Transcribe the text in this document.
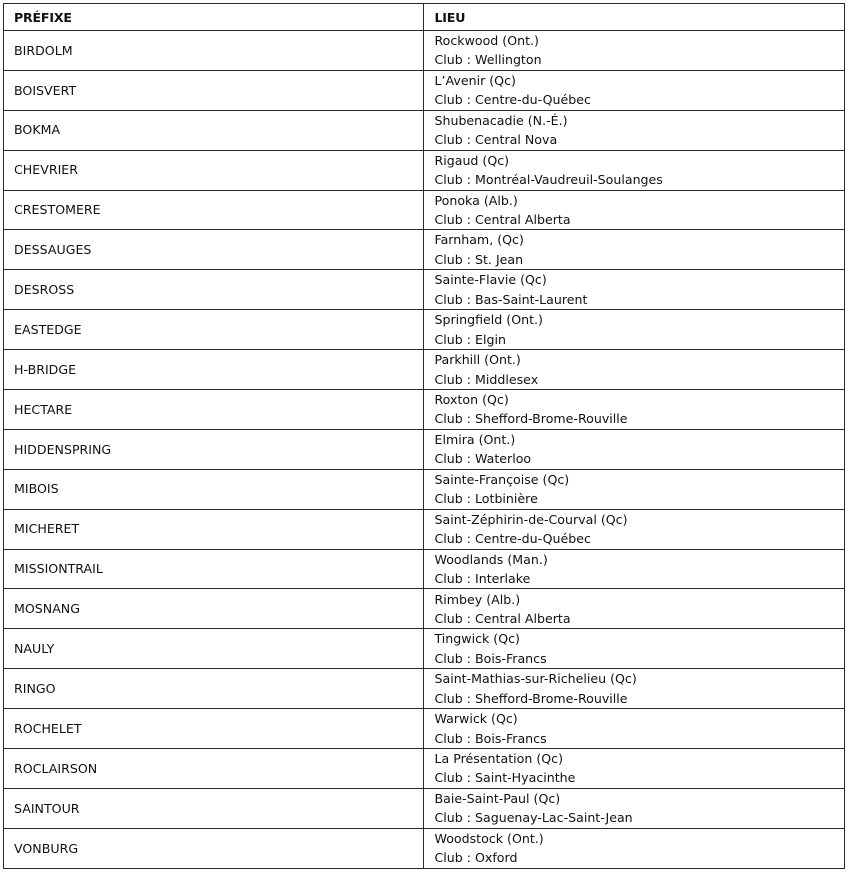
PRÉFIXE	LIEU
BIRDOLM	Rockwood (Ont.)
Club : Wellington

BOISVERT	L’Avenir (Qc)
Club : Centre-du-Québec

BOKMA	Shubenacadie (N.-É.)
Club : Central Nova

CHEVRIER	Rigaud (Qc)
Club : Montréal-Vaudreuil-Soulanges

CRESTOMERE	Ponoka (Alb.)
Club : Central Alberta

DESSAUGES	Farnham, (Qc)
Club : St. Jean

DESROSS	Sainte-Flavie (Qc)
Club : Bas-Saint-Laurent

EASTEDGE	Springfield (Ont.)
Club : Elgin

H-BRIDGE	Parkhill (Ont.)
Club : Middlesex

HECTARE	Roxton (Qc)
Club : Shefford-Brome-Rouville

HIDDENSPRING	Elmira (Ont.)
Club : Waterloo

MIBOIS	Sainte-Françoise (Qc)
Club : Lotbinière

MICHERET	Saint-Zéphirin-de-Courval (Qc)
Club : Centre-du-Québec

MISSIONTRAIL	Woodlands (Man.)
Club : Interlake

MOSNANG	Rimbey (Alb.)
Club : Central Alberta

NAULY	Tingwick (Qc)
Club : Bois-Francs

RINGO	Saint-Mathias-sur-Richelieu (Qc)
Club : Shefford-Brome-Rouville

ROCHELET	Warwick (Qc)
Club : Bois-Francs

ROCLAIRSON	La Présentation (Qc)
Club : Saint-Hyacinthe

SAINTOUR	Baie-Saint-Paul (Qc)
Club : Saguenay-Lac-Saint-Jean

VONBURG	Woodstock (Ont.)
Club : Oxford
